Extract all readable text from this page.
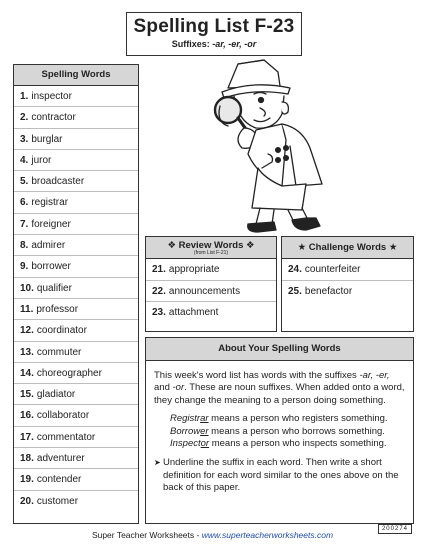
Spelling List F-23
Suffixes: -ar, -er, -or
Spelling Words
1. inspector
2. contractor
3. burglar
4. juror
5. broadcaster
6. registrar
7. foreigner
8. admirer
9. borrower
10. qualifier
11. professor
12. coordinator
13. commuter
14. choreographer
15. gladiator
16. collaborator
17. commentator
18. adventurer
19. contender
20. customer
❖ Review Words ❖
(from List F-21)
21. appropriate
22. announcements
23. attachment
★ Challenge Words ★
24. counterfeiter
25. benefactor
About Your Spelling Words

This week's word list has words with the suffixes -ar, -er, and -or. These are noun suffixes. When added onto a word, they change the meaning to a person doing something.

Registrar means a person who registers something.
Borrower means a person who borrows something.
Inspector means a person who inspects something.
➤ Underline the suffix in each word. Then write a short definition for each word similar to the ones above on the back of this paper.
Super Teacher Worksheets - www.superteacherworksheets.com
200274
